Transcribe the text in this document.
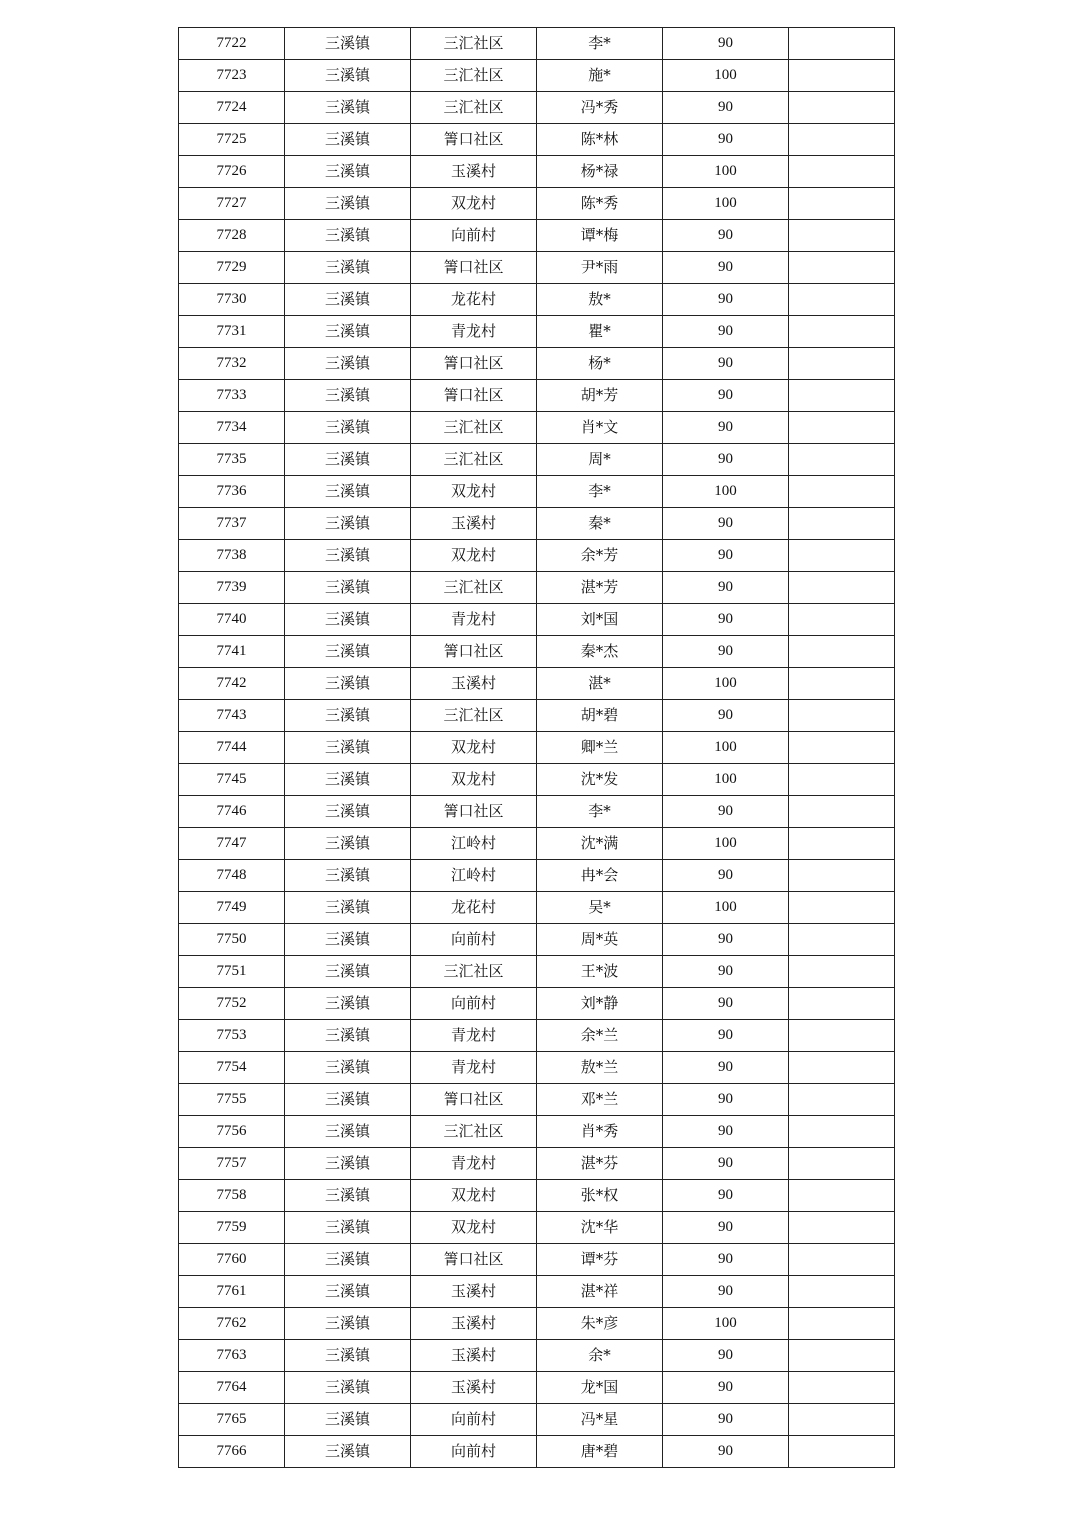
7722	三溪镇	三汇社区	李*	90	
7723	三溪镇	三汇社区	施*	100	
7724	三溪镇	三汇社区	冯*秀	90	
7725	三溪镇	箐口社区	陈*林	90	
7726	三溪镇	玉溪村	杨*禄	100	
7727	三溪镇	双龙村	陈*秀	100	
7728	三溪镇	向前村	谭*梅	90	
7729	三溪镇	箐口社区	尹*雨	90	
7730	三溪镇	龙花村	敖*	90	
7731	三溪镇	青龙村	瞿*	90	
7732	三溪镇	箐口社区	杨*	90	
7733	三溪镇	箐口社区	胡*芳	90	
7734	三溪镇	三汇社区	肖*文	90	
7735	三溪镇	三汇社区	周*	90	
7736	三溪镇	双龙村	李*	100	
7737	三溪镇	玉溪村	秦*	90	
7738	三溪镇	双龙村	余*芳	90	
7739	三溪镇	三汇社区	湛*芳	90	
7740	三溪镇	青龙村	刘*国	90	
7741	三溪镇	箐口社区	秦*杰	90	
7742	三溪镇	玉溪村	湛*	100	
7743	三溪镇	三汇社区	胡*碧	90	
7744	三溪镇	双龙村	卿*兰	100	
7745	三溪镇	双龙村	沈*发	100	
7746	三溪镇	箐口社区	李*	90	
7747	三溪镇	江岭村	沈*满	100	
7748	三溪镇	江岭村	冉*会	90	
7749	三溪镇	龙花村	吴*	100	
7750	三溪镇	向前村	周*英	90	
7751	三溪镇	三汇社区	王*波	90	
7752	三溪镇	向前村	刘*静	90	
7753	三溪镇	青龙村	余*兰	90	
7754	三溪镇	青龙村	敖*兰	90	
7755	三溪镇	箐口社区	邓*兰	90	
7756	三溪镇	三汇社区	肖*秀	90	
7757	三溪镇	青龙村	湛*芬	90	
7758	三溪镇	双龙村	张*权	90	
7759	三溪镇	双龙村	沈*华	90	
7760	三溪镇	箐口社区	谭*芬	90	
7761	三溪镇	玉溪村	湛*祥	90	
7762	三溪镇	玉溪村	朱*彦	100	
7763	三溪镇	玉溪村	余*	90	
7764	三溪镇	玉溪村	龙*国	90	
7765	三溪镇	向前村	冯*星	90	
7766	三溪镇	向前村	唐*碧	90	
